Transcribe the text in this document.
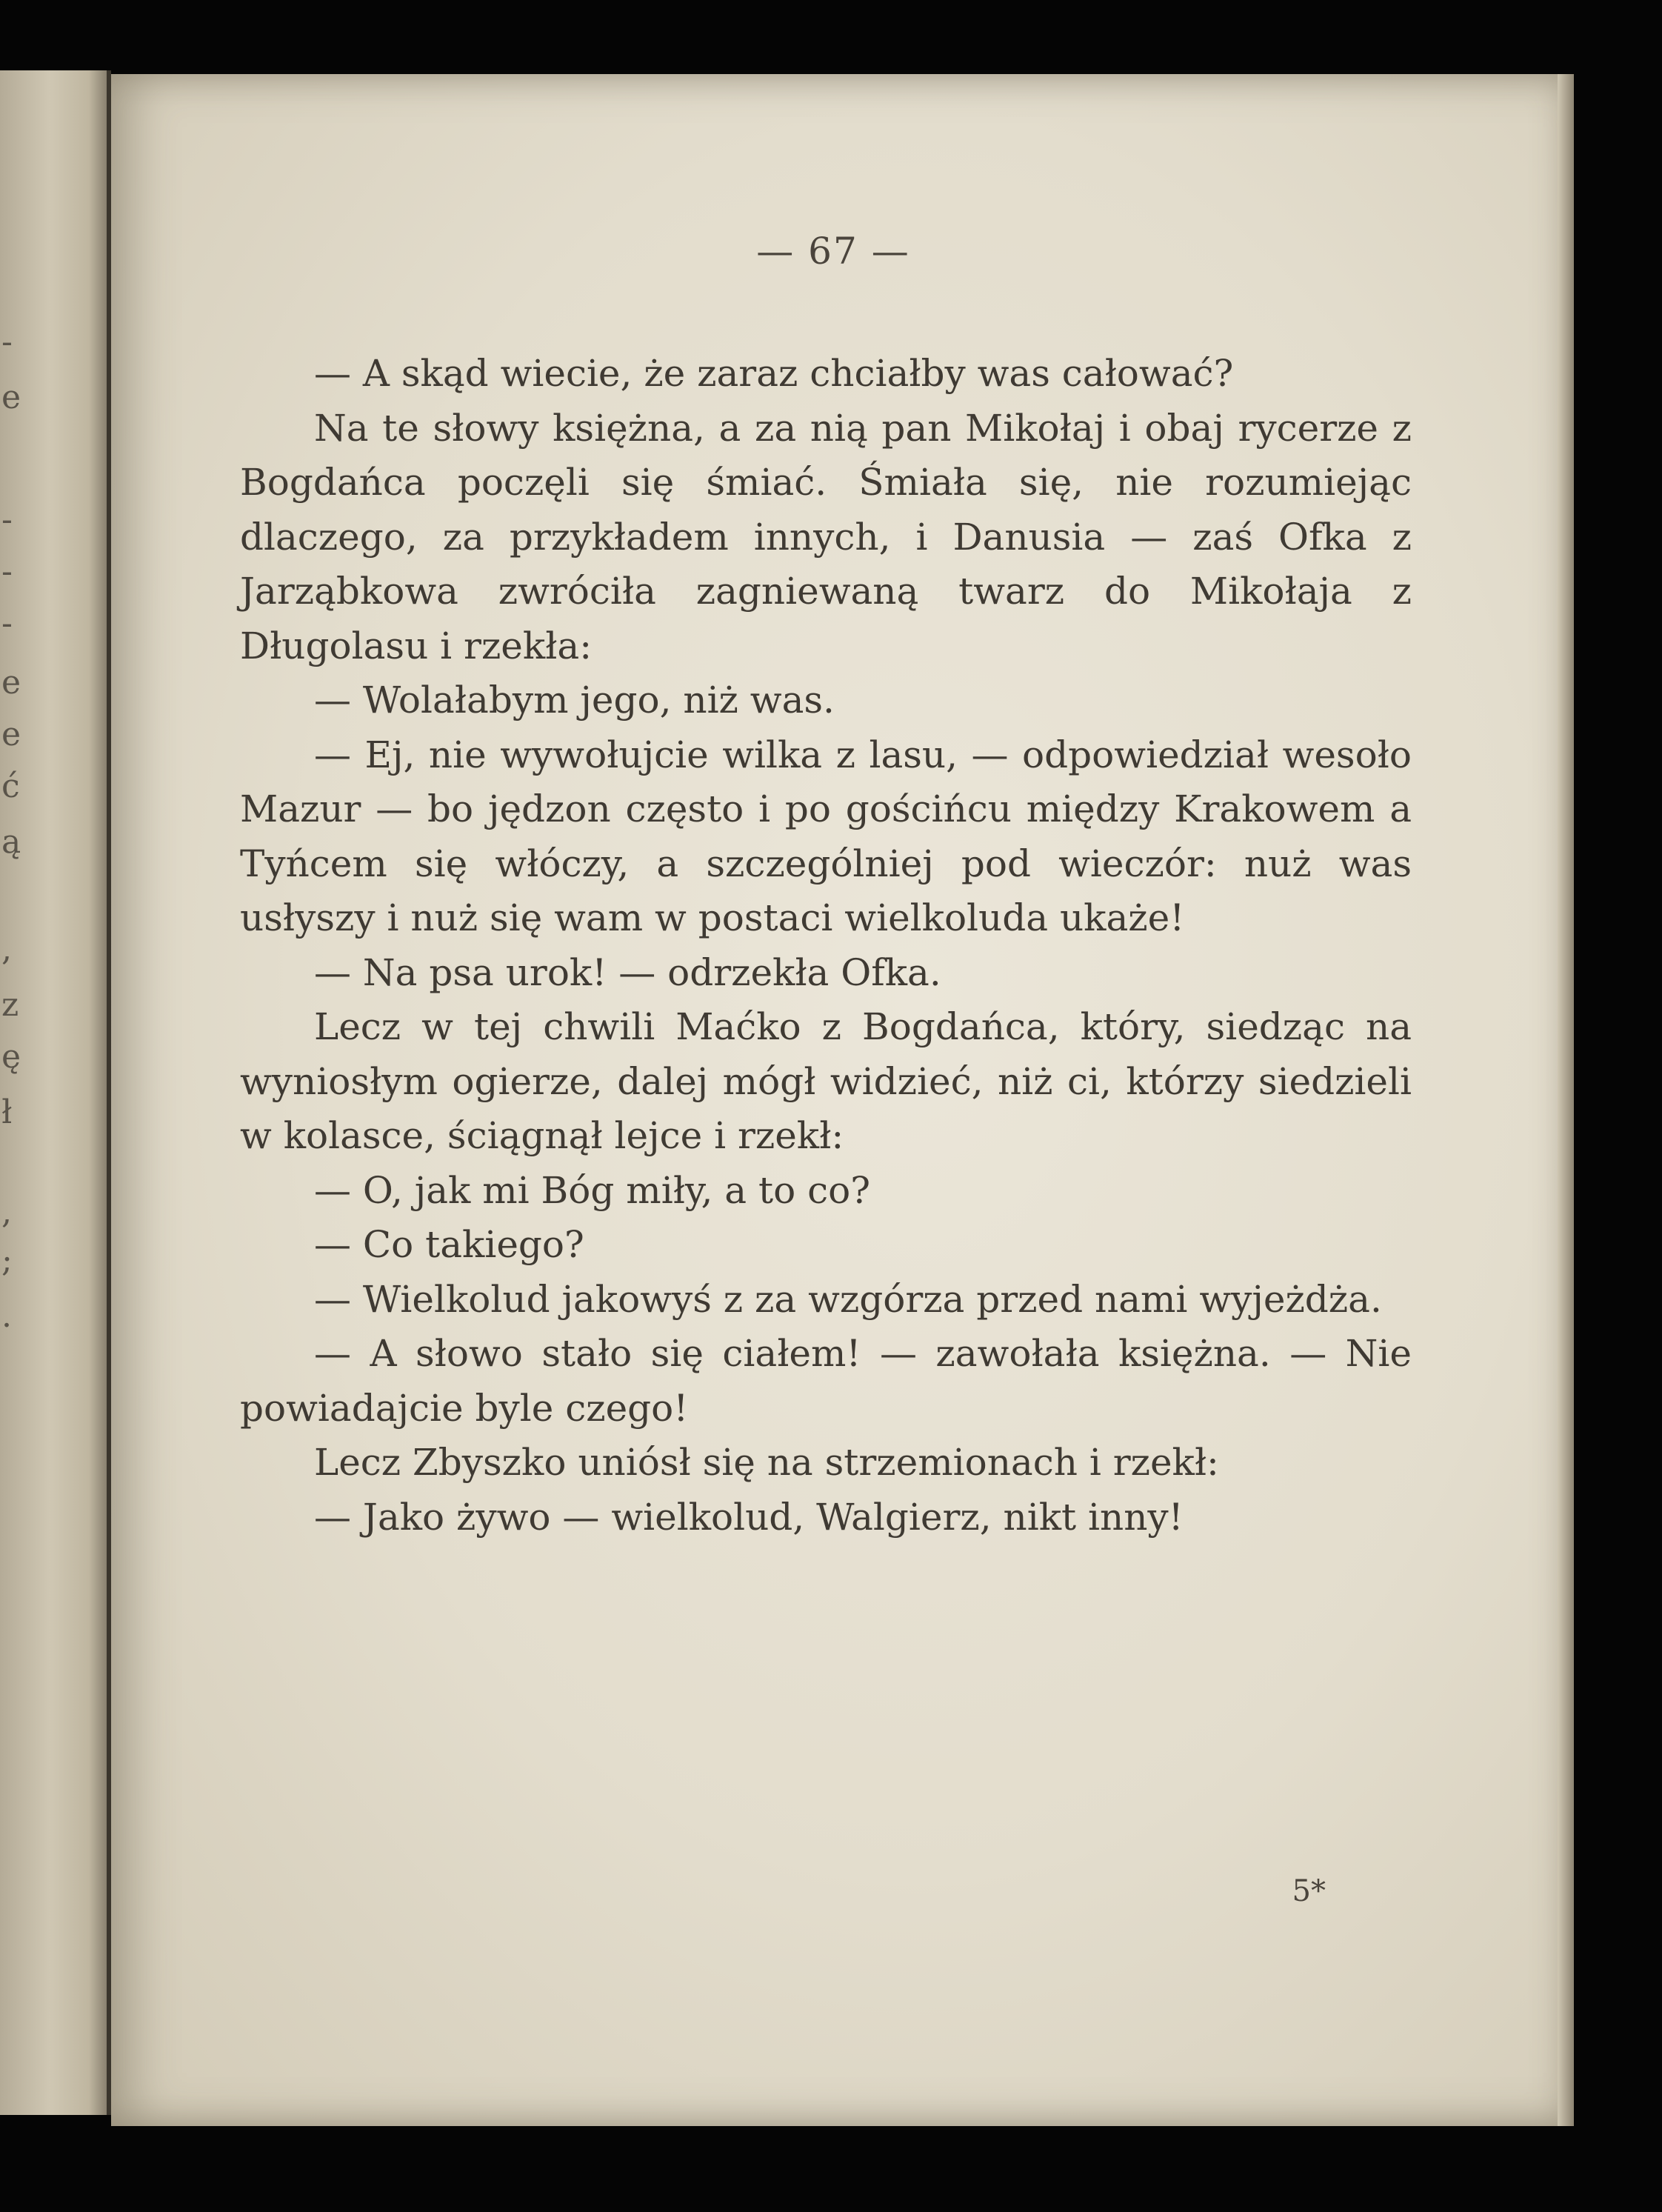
-
e
-
-
-
e
e
ć
ą
,
z
ę
ł
,
;
.

— 67 —

— A skąd wiecie, że zaraz chciałby was całować?

Na te słowy księżna, a za nią pan Mikołaj i obaj rycerze z Bogdańca poczęli się śmiać. Śmiała się, nie rozumiejąc dlaczego, za przykładem innych, i Danusia — zaś Ofka z Jarząbkowa zwróciła zagniewaną twarz do Mikołaja z Długolasu i rzekła:

— Wolałabym jego, niż was.

— Ej, nie wywołujcie wilka z lasu, — odpowiedział wesoło Mazur — bo jędzon często i po gościńcu między Krakowem a Tyńcem się włóczy, a szczególniej pod wieczór: nuż was usłyszy i nuż się wam w postaci wielkoluda ukaże!

— Na psa urok! — odrzekła Ofka.

Lecz w tej chwili Maćko z Bogdańca, który, siedząc na wyniosłym ogierze, dalej mógł widzieć, niż ci, którzy siedzieli w kolasce, ściągnął lejce i rzekł:

— O, jak mi Bóg miły, a to co?

— Co takiego?

— Wielkolud jakowyś z za wzgórza przed nami wyjeżdża.

— A słowo stało się ciałem! — zawołała księżna. — Nie powiadajcie byle czego!

Lecz Zbyszko uniósł się na strzemionach i rzekł:

— Jako żywo — wielkolud, Walgierz, nikt inny!

5*
